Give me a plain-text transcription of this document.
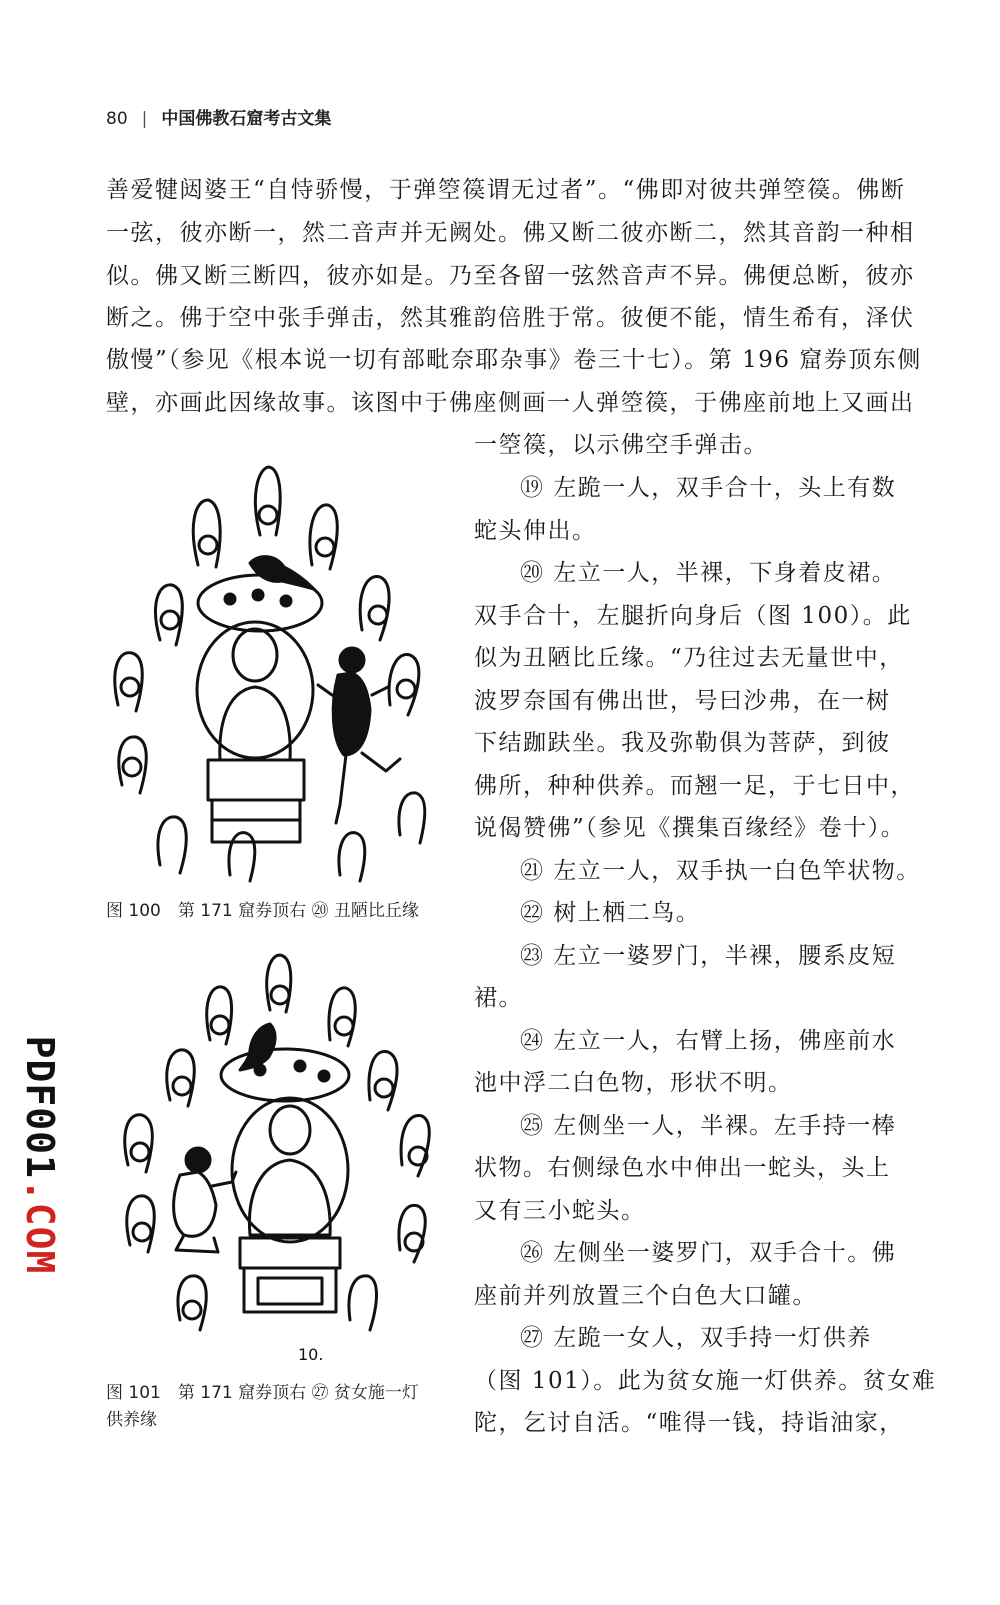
80 | 中国佛教石窟考古文集
善爱犍闼婆王“自恃骄慢，于弹箜篌谓无过者”。“佛即对彼共弹箜篌。佛断
一弦，彼亦断一，然二音声并无阙处。佛又断二彼亦断二，然其音韵一种相
似。佛又断三断四，彼亦如是。乃至各留一弦然音声不异。佛便总断，彼亦
断之。佛于空中张手弹击，然其雅韵倍胜于常。彼便不能，情生希有，泽伏
傲慢”（参见《根本说一切有部毗奈耶杂事》卷三十七）。第 196 窟券顶东侧
壁，亦画此因缘故事。该图中于佛座侧画一人弹箜篌，于佛座前地上又画出
一箜篌，以示佛空手弹击。
⑲ 左跪一人，双手合十，头上有数
蛇头伸出。
⑳ 左立一人，半裸，下身着皮裙。
双手合十，左腿折向身后（图 100）。此
似为丑陋比丘缘。“乃往过去无量世中，
波罗奈国有佛出世，号曰沙弗，在一树
下结跏趺坐。我及弥勒俱为菩萨，到彼
佛所，种种供养。而翘一足，于七日中，
说偈赞佛”（参见《撰集百缘经》卷十）。
㉑ 左立一人，双手执一白色竿状物。
㉒ 树上栖二鸟。
㉓ 左立一婆罗门，半裸，腰系皮短
裙。
㉔ 左立一人，右臂上扬，佛座前水
池中浮二白色物，形状不明。
㉕ 左侧坐一人，半裸。左手持一棒
状物。右侧绿色水中伸出一蛇头，头上
又有三小蛇头。
㉖ 左侧坐一婆罗门，双手合十。佛
座前并列放置三个白色大口罐。
㉗ 左跪一女人，双手持一灯供养
（图 101）。此为贫女施一灯供养。贫女难
陀，乞讨自活。“唯得一钱，持诣油家，
图 100　第 171 窟券顶右 ⑳ 丑陋比丘缘
10.
图 101　第 171 窟券顶右 ㉗ 贫女施一灯
供养缘
PDF001.COM
